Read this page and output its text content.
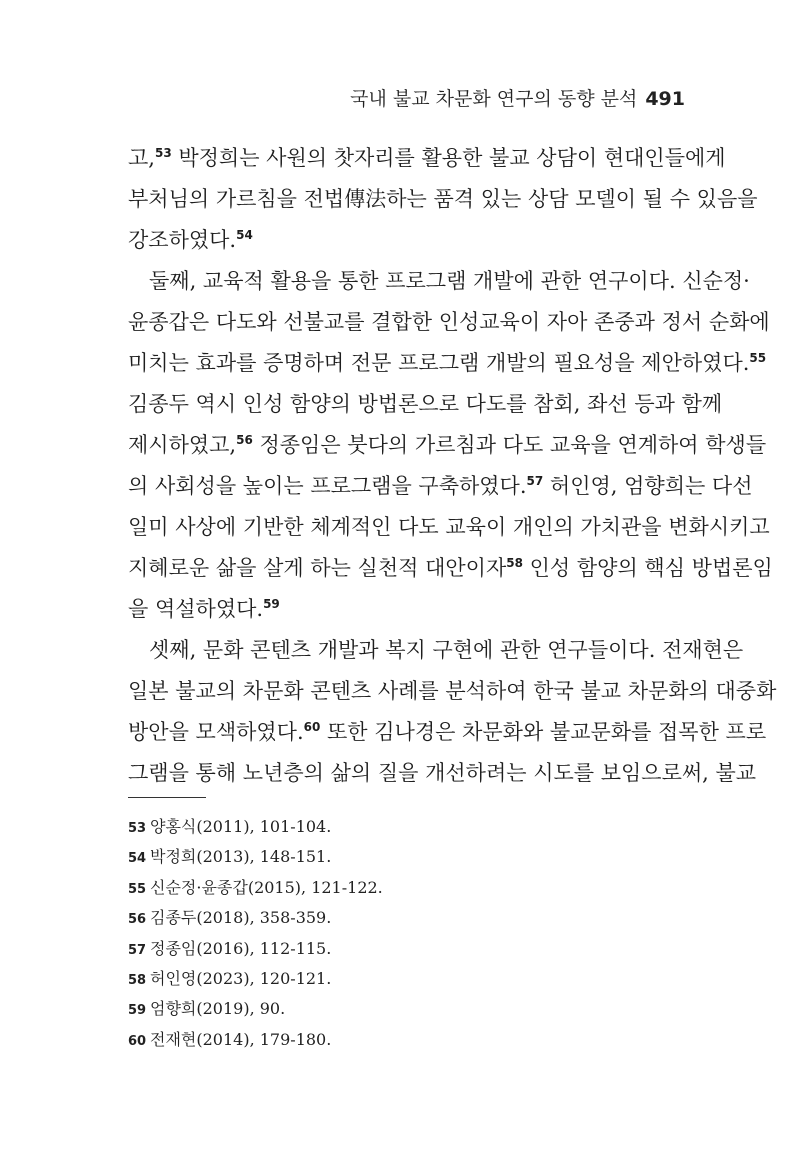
국내 불교 차문화 연구의 동향 분석 491
고,$^{53}$ 박정희는 사원의 찻자리를 활용한 불교 상담이 현대인들에게
부처님의 가르침을 전법傳法하는 품격 있는 상담 모델이 될 수 있음을
강조하였다.$^{54}$
　둘째, 교육적 활용을 통한 프로그램 개발에 관한 연구이다. 신순정·
윤종갑은 다도와 선불교를 결합한 인성교육이 자아 존중과 정서 순화에
미치는 효과를 증명하며 전문 프로그램 개발의 필요성을 제안하였다.$^{55}$
김종두 역시 인성 함양의 방법론으로 다도를 참회, 좌선 등과 함께
제시하였고,$^{56}$ 정종임은 붓다의 가르침과 다도 교육을 연계하여 학생들
의 사회성을 높이는 프로그램을 구축하였다.$^{57}$ 허인영, 엄향희는 다선
일미 사상에 기반한 체계적인 다도 교육이 개인의 가치관을 변화시키고
지혜로운 삶을 살게 하는 실천적 대안이자$^{58}$ 인성 함양의 핵심 방법론임
을 역설하였다.$^{59}$
　셋째, 문화 콘텐츠 개발과 복지 구현에 관한 연구들이다. 전재현은
일본 불교의 차문화 콘텐츠 사례를 분석하여 한국 불교 차문화의 대중화
방안을 모색하였다.$^{60}$ 또한 김나경은 차문화와 불교문화를 접목한 프로
그램을 통해 노년층의 삶의 질을 개선하려는 시도를 보임으로써, 불교
53 양홍식(2011), 101-104.
54 박정희(2013), 148-151.
55 신순정·윤종갑(2015), 121-122.
56 김종두(2018), 358-359.
57 정종임(2016), 112-115.
58 허인영(2023), 120-121.
59 엄향희(2019), 90.
60 전재현(2014), 179-180.
